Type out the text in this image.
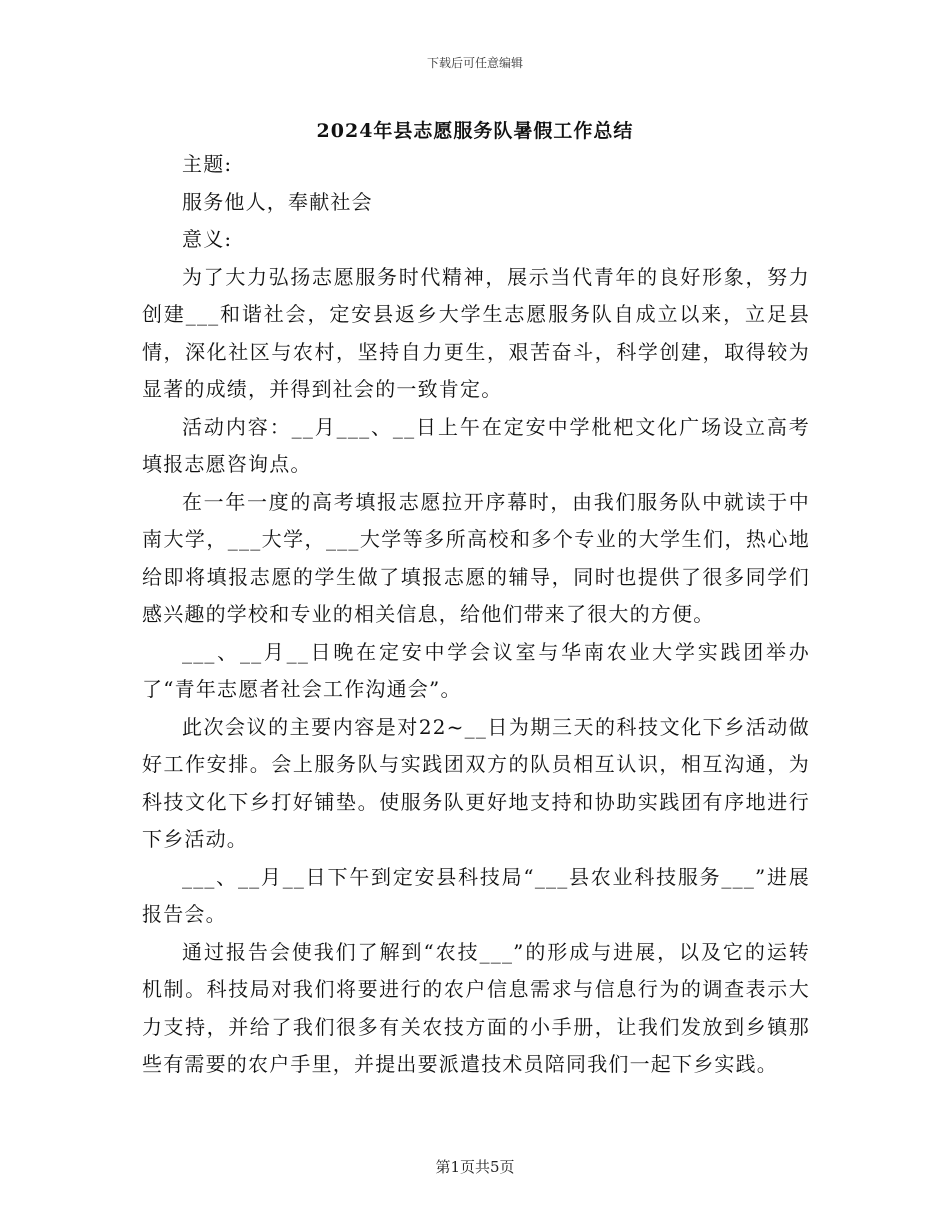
下载后可任意编辑
2024年县志愿服务队暑假工作总结

主题:

服务他人，奉献社会

意义:

为了大力弘扬志愿服务时代精神，展示当代青年的良好形象，努力创建___和谐社会，定安县返乡大学生志愿服务队自成立以来，立足县情，深化社区与农村，坚持自力更生，艰苦奋斗，科学创建，取得较为显著的成绩，并得到社会的一致肯定。

活动内容：__月___、__日上午在定安中学枇杷文化广场设立高考填报志愿咨询点。

在一年一度的高考填报志愿拉开序幕时，由我们服务队中就读于中南大学，___大学，___大学等多所高校和多个专业的大学生们，热心地给即将填报志愿的学生做了填报志愿的辅导，同时也提供了很多同学们感兴趣的学校和专业的相关信息，给他们带来了很大的方便。

___、__月__日晚在定安中学会议室与华南农业大学实践团举办了“青年志愿者社会工作沟通会”。

此次会议的主要内容是对22~__日为期三天的科技文化下乡活动做好工作安排。会上服务队与实践团双方的队员相互认识，相互沟通，为科技文化下乡打好铺垫。使服务队更好地支持和协助实践团有序地进行下乡活动。

___、__月__日下午到定安县科技局“___县农业科技服务___”进展报告会。

通过报告会使我们了解到“农技___”的形成与进展，以及它的运转机制。科技局对我们将要进行的农户信息需求与信息行为的调查表示大力支持，并给了我们很多有关农技方面的小手册，让我们发放到乡镇那些有需要的农户手里，并提出要派遣技术员陪同我们一起下乡实践。

第1页共5页
